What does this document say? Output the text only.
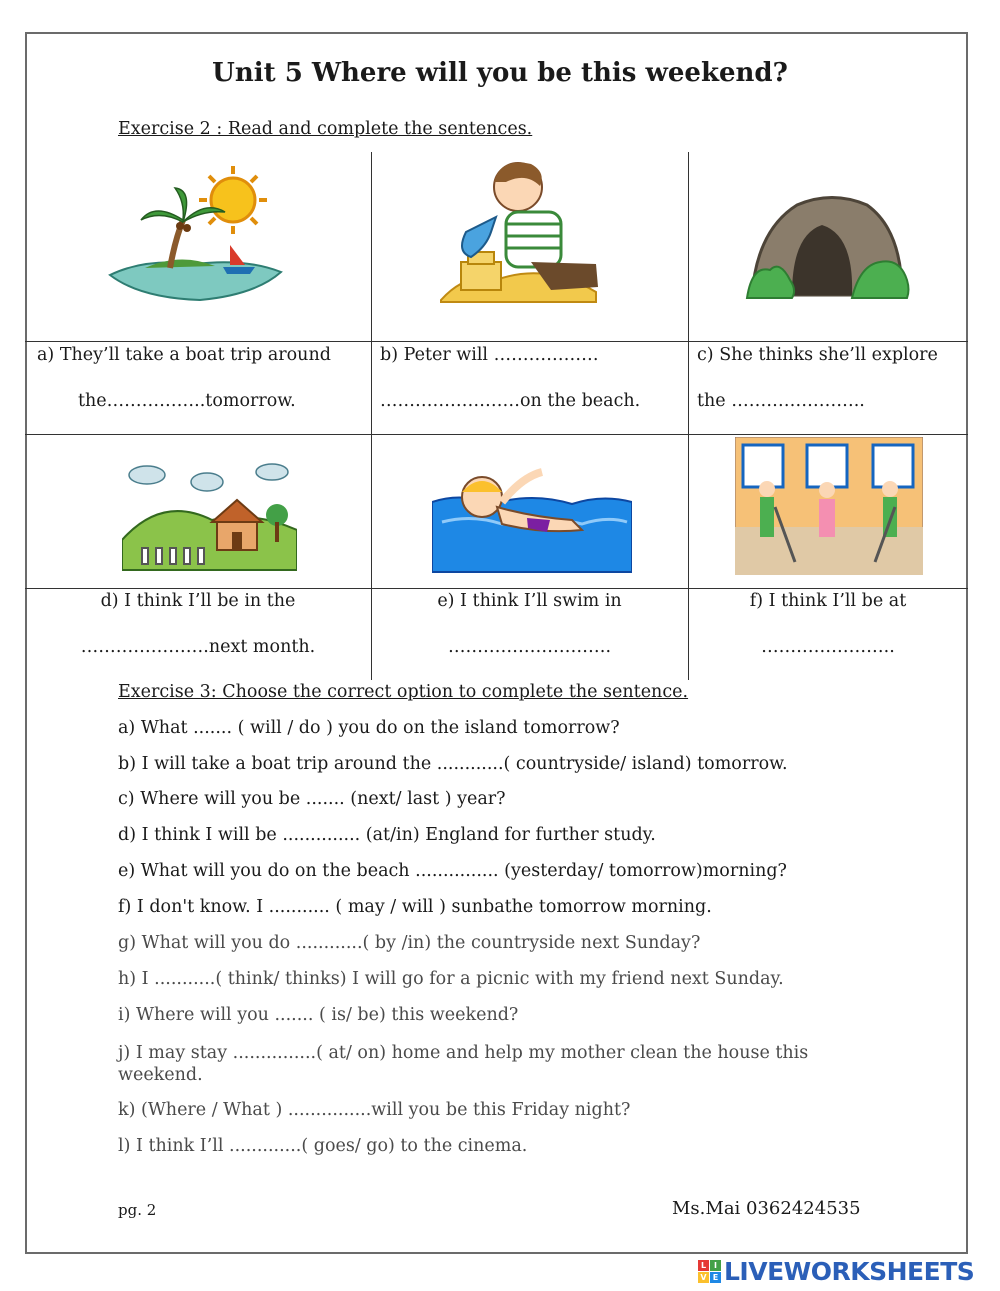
Unit 5 Where will you be this weekend?
Exercise 2 : Read and complete the sentences.
a) They’ll take a boat trip around
the……………..tomorrow.
b) Peter will ………………
……………………on the beach.
c) She thinks she’ll explore
the …………………..
d) I think I’ll be in the
………………….next month.
e) I think I’ll swim in
……………………….
f) I think I’ll be at
…………………..
Exercise 3: Choose the correct option to complete the sentence.
a) What ....... ( will / do ) you do on the island tomorrow?
b) I will take a boat trip around the ............( countryside/ island) tomorrow.
c) Where will you be ....... (next/ last ) year?
d) I think I will be .............. (at/in) England for further study.
e) What will you do on the beach ............... (yesterday/ tomorrow)morning?
f) I don't know. I ........... ( may / will ) sunbathe tomorrow morning.
g) What will you do ............( by /in) the countryside next Sunday?
h) I ...........( think/ thinks) I will go for a picnic with my friend next Sunday.
i) Where will you ....... ( is/ be) this weekend?
j) I may stay ...............( at/ on) home and help my mother clean the house this weekend.
k) (Where / What ) ...............will you be this Friday night?
l) I think I’ll .............( goes/ go) to the cinema.
pg. 2	Ms.Mai 0362424535
L I
V E LIVEWORKSHEETS
